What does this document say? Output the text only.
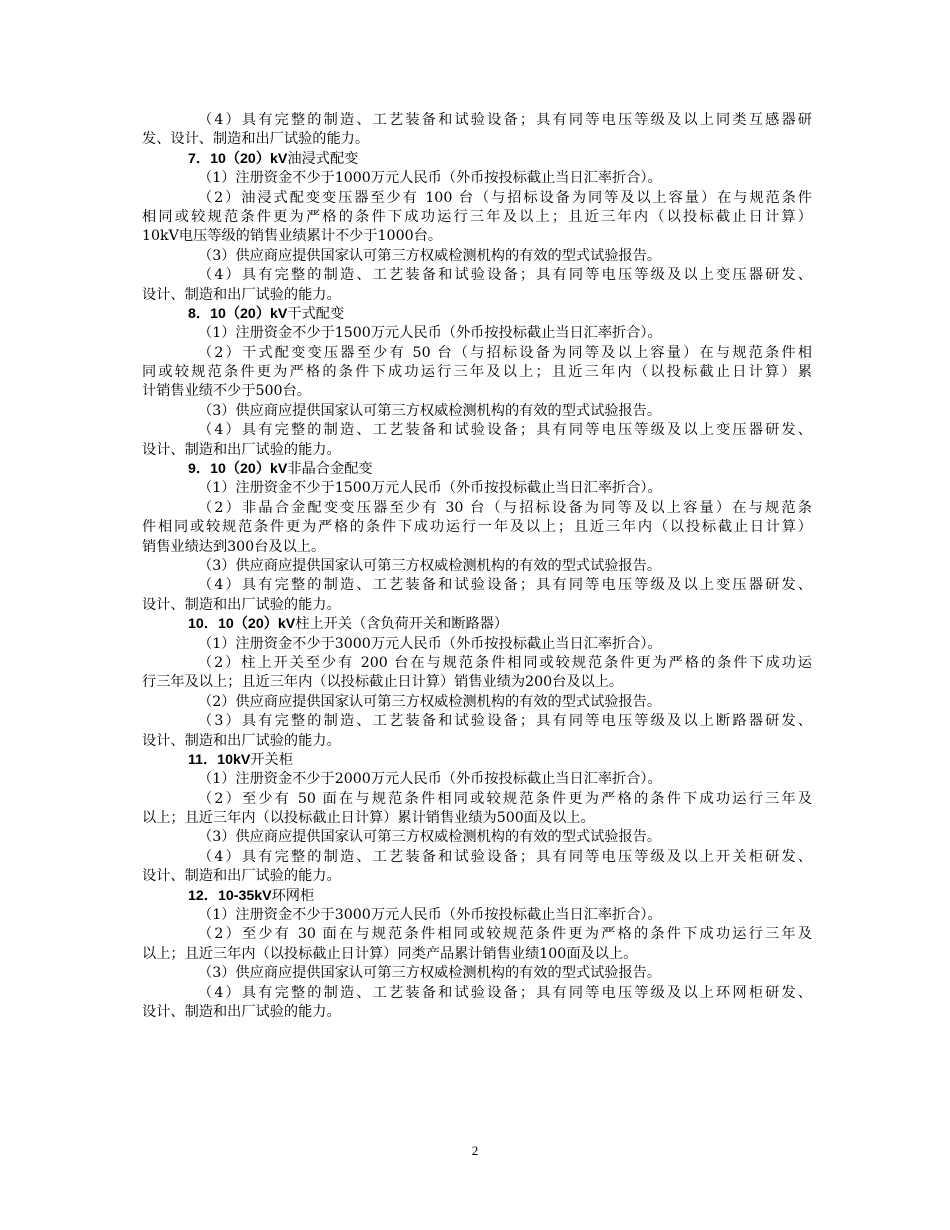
（4）具有完整的制造、工艺装备和试验设备；具有同等电压等级及以上同类互感器研
发、设计、制造和出厂试验的能力。
7．10（20）kV油浸式配变
（1）注册资金不少于1000万元人民币（外币按投标截止当日汇率折合）。
（2）油浸式配变变压器至少有 100 台（与招标设备为同等及以上容量）在与规范条件
相同或较规范条件更为严格的条件下成功运行三年及以上；且近三年内（以投标截止日计算）
10kV电压等级的销售业绩累计不少于1000台。
（3）供应商应提供国家认可第三方权威检测机构的有效的型式试验报告。
（4）具有完整的制造、工艺装备和试验设备；具有同等电压等级及以上变压器研发、
设计、制造和出厂试验的能力。
8．10（20）kV干式配变
（1）注册资金不少于1500万元人民币（外币按投标截止当日汇率折合）。
（2）干式配变变压器至少有 50 台（与招标设备为同等及以上容量）在与规范条件相
同或较规范条件更为严格的条件下成功运行三年及以上；且近三年内（以投标截止日计算）累
计销售业绩不少于500台。
（3）供应商应提供国家认可第三方权威检测机构的有效的型式试验报告。
（4）具有完整的制造、工艺装备和试验设备；具有同等电压等级及以上变压器研发、
设计、制造和出厂试验的能力。
9．10（20）kV非晶合金配变
（1）注册资金不少于1500万元人民币（外币按投标截止当日汇率折合）。
（2）非晶合金配变变压器至少有 30 台（与招标设备为同等及以上容量）在与规范条
件相同或较规范条件更为严格的条件下成功运行一年及以上；且近三年内（以投标截止日计算）
销售业绩达到300台及以上。
（3）供应商应提供国家认可第三方权威检测机构的有效的型式试验报告。
（4）具有完整的制造、工艺装备和试验设备；具有同等电压等级及以上变压器研发、
设计、制造和出厂试验的能力。
10．10（20）kV柱上开关（含负荷开关和断路器）
（1）注册资金不少于3000万元人民币（外币按投标截止当日汇率折合）。
（2）柱上开关至少有 200 台在与规范条件相同或较规范条件更为严格的条件下成功运
行三年及以上；且近三年内（以投标截止日计算）销售业绩为200台及以上。
（2）供应商应提供国家认可第三方权威检测机构的有效的型式试验报告。
（3）具有完整的制造、工艺装备和试验设备；具有同等电压等级及以上断路器研发、
设计、制造和出厂试验的能力。
11．10kV开关柜
（1）注册资金不少于2000万元人民币（外币按投标截止当日汇率折合）。
（2）至少有 50 面在与规范条件相同或较规范条件更为严格的条件下成功运行三年及
以上；且近三年内（以投标截止日计算）累计销售业绩为500面及以上。
（3）供应商应提供国家认可第三方权威检测机构的有效的型式试验报告。
（4）具有完整的制造、工艺装备和试验设备；具有同等电压等级及以上开关柜研发、
设计、制造和出厂试验的能力。
12．10-35kV环网柜
（1）注册资金不少于3000万元人民币（外币按投标截止当日汇率折合）。
（2）至少有 30 面在与规范条件相同或较规范条件更为严格的条件下成功运行三年及
以上；且近三年内（以投标截止日计算）同类产品累计销售业绩100面及以上。
（3）供应商应提供国家认可第三方权威检测机构的有效的型式试验报告。
（4）具有完整的制造、工艺装备和试验设备；具有同等电压等级及以上环网柜研发、
设计、制造和出厂试验的能力。
2
